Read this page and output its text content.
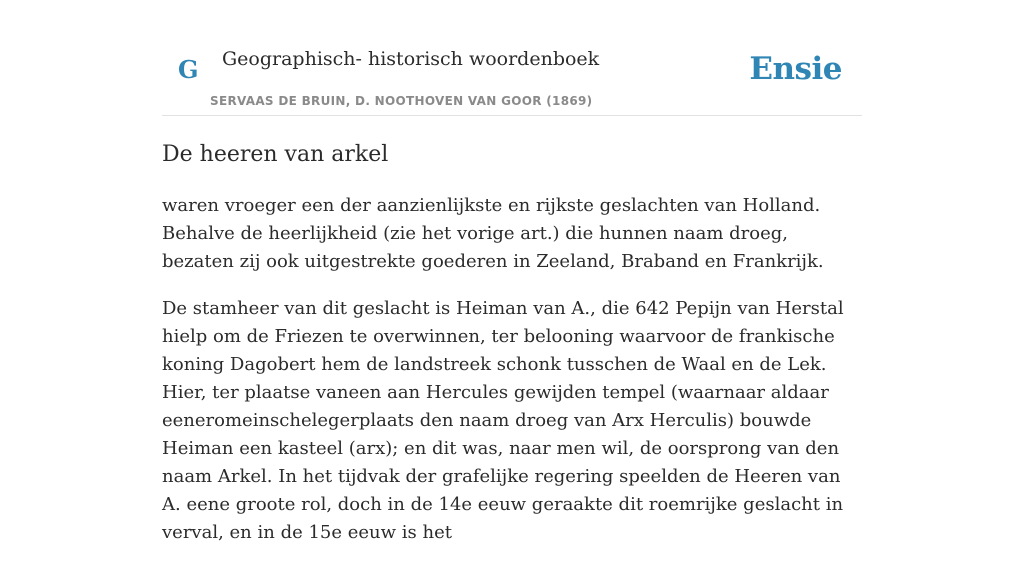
G Geographisch- historisch woordenboek
SERVAAS DE BRUIN, D. NOOTHOVEN VAN GOOR (1869)
Ensie
De heeren van arkel

waren vroeger een der aanzienlijkste en rijkste geslachten van Holland. Behalve de heerlijkheid (zie het vorige art.) die hunnen naam droeg, bezaten zij ook uitgestrekte goederen in Zeeland, Braband en Frankrijk.

De stamheer van dit geslacht is Heiman van A., die 642 Pepijn van Herstal hielp om de Friezen te overwinnen, ter belooning waarvoor de frankische koning Dagobert hem de landstreek schonk tusschen de Waal en de Lek. Hier, ter plaatse vaneen aan Hercules gewijden tempel (waarnaar aldaar eeneromeinschelegerplaats den naam droeg van Arx Herculis) bouwde Heiman een kasteel (arx); en dit was, naar men wil, de oorsprong van den naam Arkel. In het tijdvak der grafelijke regering speelden de Heeren van A. eene groote rol, doch in de 14e eeuw geraakte dit roemrijke geslacht in verval, en in de 15e eeuw is het
